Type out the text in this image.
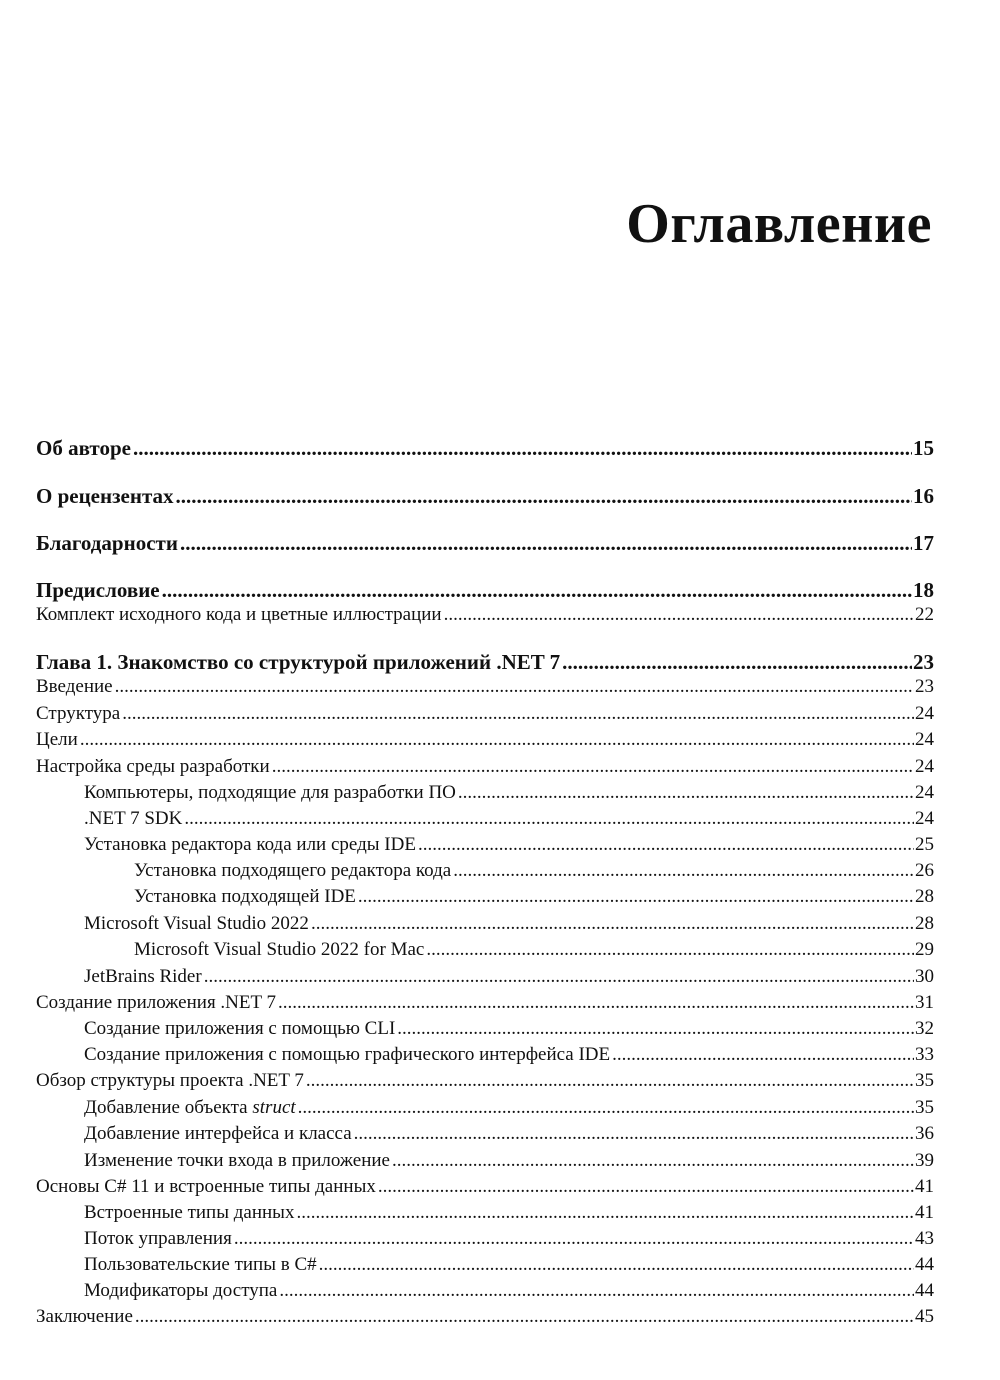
Оглавление
Об авторе .....	15
О рецензентах .....	16
Благодарности .....	17
Предисловие .....	18
Комплект исходного кода и цветные иллюстрации .....	22
Глава 1. Знакомство со структурой приложений .NET 7 .....	23
Введение .....	23
Структура .....	24
Цели .....	24
Настройка среды разработки .....	24
Компьютеры, подходящие для разработки ПО .....	24
.NET 7 SDK .....	24
Установка редактора кода или среды IDE .....	25
Установка подходящего редактора кода .....	26
Установка подходящей IDE .....	28
Microsoft Visual Studio 2022 .....	28
Microsoft Visual Studio 2022 for Mac .....	29
JetBrains Rider .....	30
Создание приложения .NET 7 .....	31
Создание приложения с помощью CLI .....	32
Создание приложения с помощью графического интерфейса IDE .....	33
Обзор структуры проекта .NET 7 .....	35
Добавление объекта struct .....	35
Добавление интерфейса и класса .....	36
Изменение точки входа в приложение .....	39
Основы C# 11 и встроенные типы данных .....	41
Встроенные типы данных .....	41
Поток управления .....	43
Пользовательские типы в C# .....	44
Модификаторы доступа .....	44
Заключение .....	45
